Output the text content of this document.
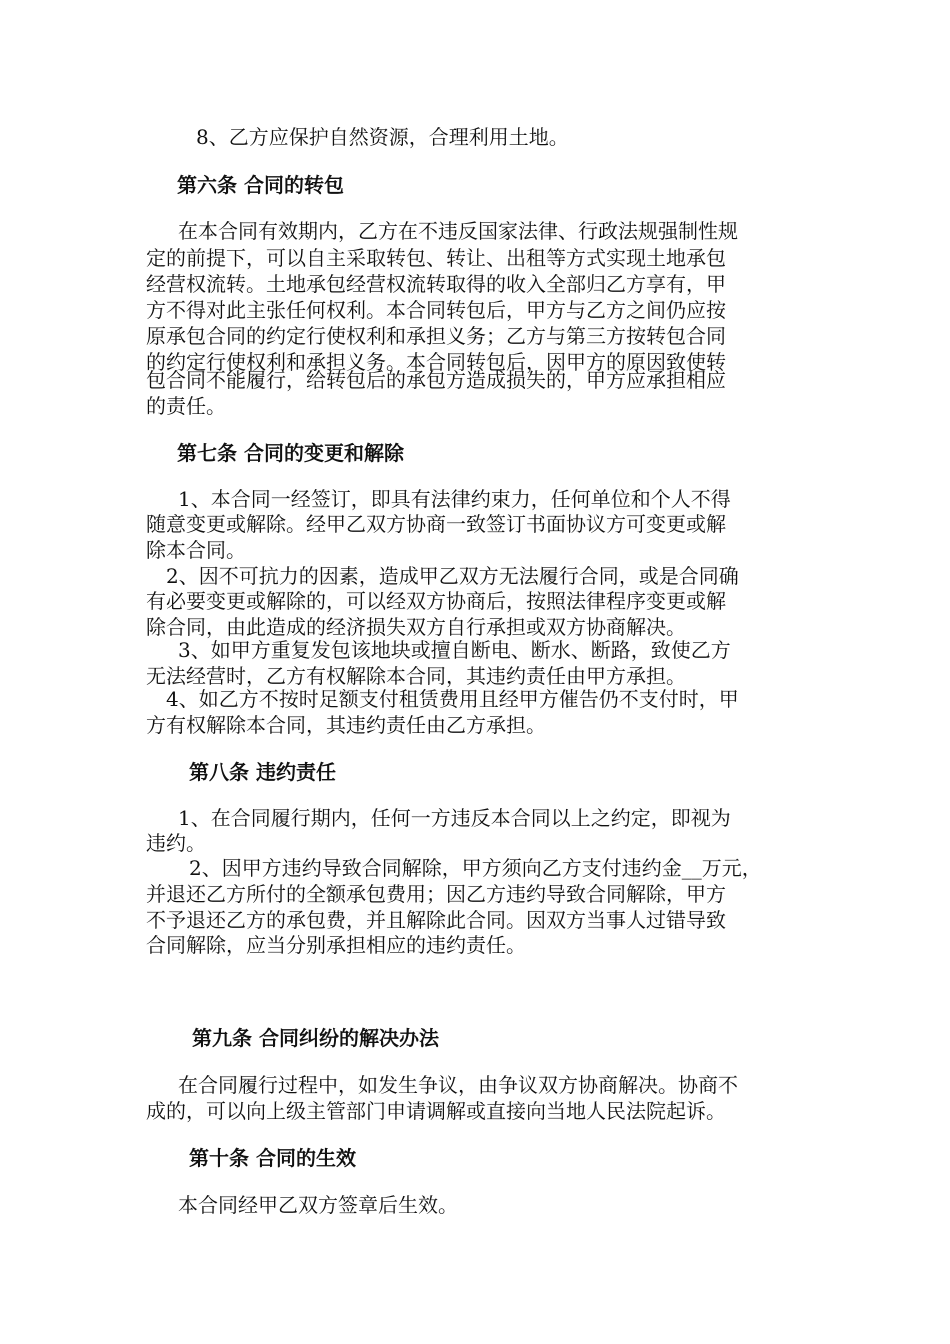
8、乙方应保护自然资源，合理利用土地。
第六条 合同的转包
在本合同有效期内，乙方在不违反国家法律、行政法规强制性规
定的前提下，可以自主采取转包、转让、出租等方式实现土地承包
经营权流转。土地承包经营权流转取得的收入全部归乙方享有，甲
方不得对此主张任何权利。本合同转包后，甲方与乙方之间仍应按
原承包合同的约定行使权利和承担义务；乙方与第三方按转包合同
的约定行使权利和承担义务。本合同转包后，因甲方的原因致使转
包合同不能履行，给转包后的承包方造成损失的，甲方应承担相应
的责任。
第七条 合同的变更和解除
1、本合同一经签订，即具有法律约束力，任何单位和个人不得
随意变更或解除。经甲乙双方协商一致签订书面协议方可变更或解
除本合同。
2、因不可抗力的因素，造成甲乙双方无法履行合同，或是合同确
有必要变更或解除的，可以经双方协商后，按照法律程序变更或解
除合同，由此造成的经济损失双方自行承担或双方协商解决。
3、如甲方重复发包该地块或擅自断电、断水、断路，致使乙方
无法经营时，乙方有权解除本合同，其违约责任由甲方承担。
4、如乙方不按时足额支付租赁费用且经甲方催告仍不支付时，甲
方有权解除本合同，其违约责任由乙方承担。
第八条 违约责任
1、在合同履行期内，任何一方违反本合同以上之约定，即视为
违约。
2、因甲方违约导致合同解除，甲方须向乙方支付违约金__万元，
并退还乙方所付的全额承包费用；因乙方违约导致合同解除，甲方
不予退还乙方的承包费，并且解除此合同。因双方当事人过错导致
合同解除，应当分别承担相应的违约责任。
第九条 合同纠纷的解决办法
在合同履行过程中，如发生争议，由争议双方协商解决。协商不
成的，可以向上级主管部门申请调解或直接向当地人民法院起诉。
第十条 合同的生效
本合同经甲乙双方签章后生效。
